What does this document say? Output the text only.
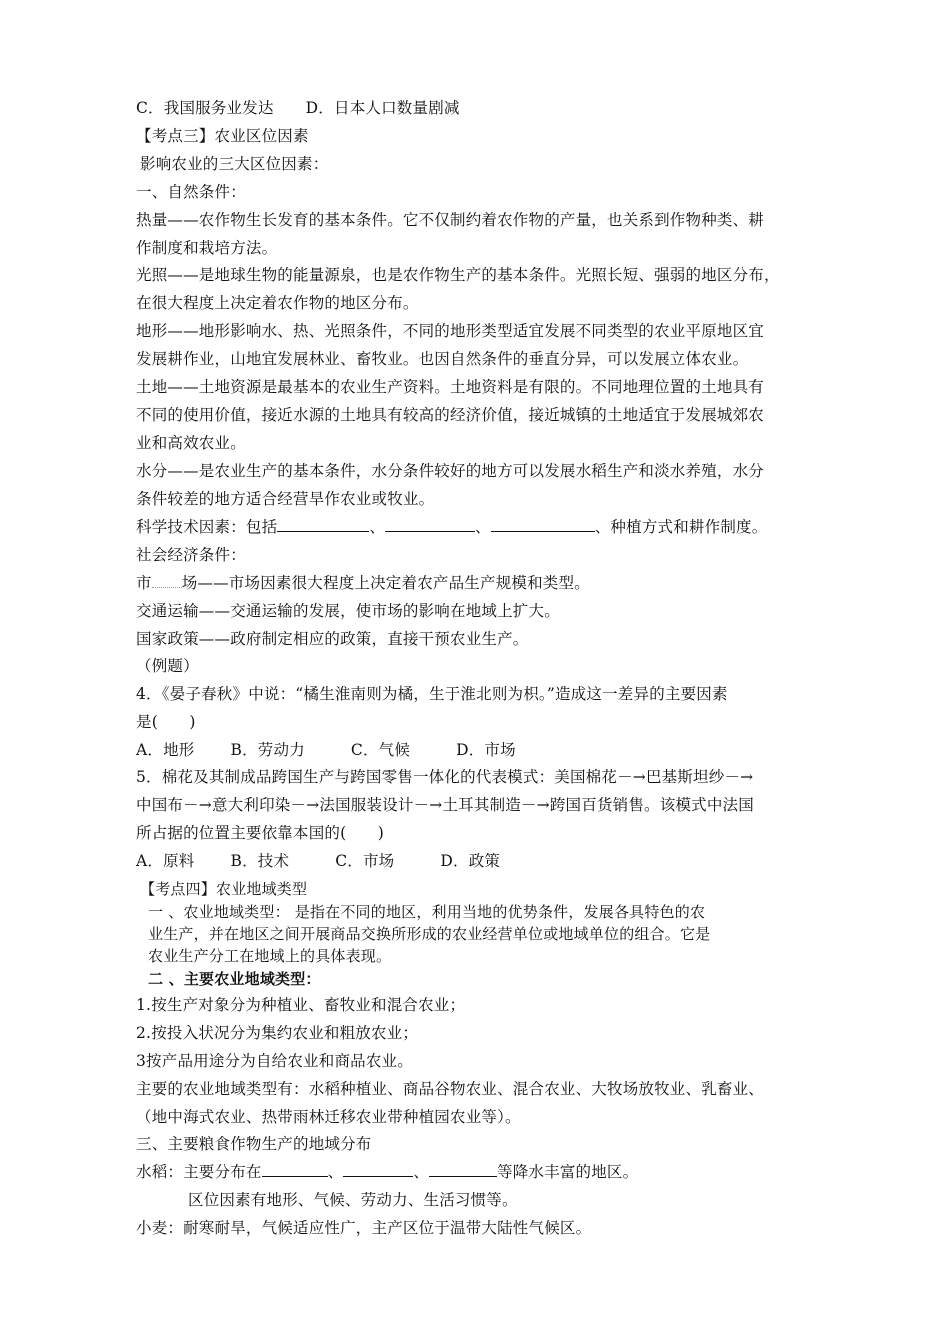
C．我国服务业发达 D．日本人口数量剧减
【考点三】农业区位因素
影响农业的三大区位因素：
一、自然条件：
热量——农作物生长发育的基本条件。它不仅制约着农作物的产量，也关系到作物种类、耕
作制度和栽培方法。
光照——是地球生物的能量源泉，也是农作物生产的基本条件。光照长短、强弱的地区分布，
在很大程度上决定着农作物的地区分布。
地形——地形影响水、热、光照条件，不同的地形类型适宜发展不同类型的农业平原地区宜
发展耕作业，山地宜发展林业、畜牧业。也因自然条件的垂直分异，可以发展立体农业。
土地——土地资源是最基本的农业生产资料。土地资料是有限的。不同地理位置的土地具有
不同的使用价值，接近水源的土地具有较高的经济价值，接近城镇的土地适宜于发展城郊农
业和高效农业。
水分——是农业生产的基本条件，水分条件较好的地方可以发展水稻生产和淡水养殖，水分
条件较差的地方适合经营旱作农业或牧业。
科学技术因素：包括	、	、	、种植方式和耕作制度。
社会经济条件：
市 场——市场因素很大程度上决定着农产品生产规模和类型。
交通运输——交通运输的发展，使市场的影响在地域上扩大。
国家政策——政府制定相应的政策，直接干预农业生产。
（例题）
4．《晏子春秋》中说：“橘生淮南则为橘，生于淮北则为枳。”造成这一差异的主要因素
是(　　)
A．地形 B．劳动力	C．气候	D．市场
5．棉花及其制成品跨国生产与跨国零售一体化的代表模式：美国棉花－→巴基斯坦纱－→
中国布－→意大利印染－→法国服装设计－→土耳其制造－→跨国百货销售。该模式中法国
所占据的位置主要依靠本国的(　　)
A．原料 B．技术	C．市场	D．政策
【考点四】农业地域类型
一 、农业地域类型： 是指在不同的地区，利用当地的优势条件，发展各具特色的农
业生产，并在地区之间开展商品交换所形成的农业经营单位或地域单位的组合。它是
农业生产分工在地域上的具体表现。
二 、主要农业地域类型：
1.按生产对象分为种植业、畜牧业和混合农业；
2.按投入状况分为集约农业和粗放农业；
3按产品用途分为自给农业和商品农业。
主要的农业地域类型有：水稻种植业、商品谷物农业、混合农业、大牧场放牧业、乳畜业、
（地中海式农业、热带雨林迁移农业带种植园农业等）。
三、主要粮食作物生产的地域分布
水稻：主要分布在	、	、	等降水丰富的地区。
区位因素有地形、气候、劳动力、生活习惯等。
小麦：耐寒耐旱，气候适应性广，主产区位于温带大陆性气候区。
